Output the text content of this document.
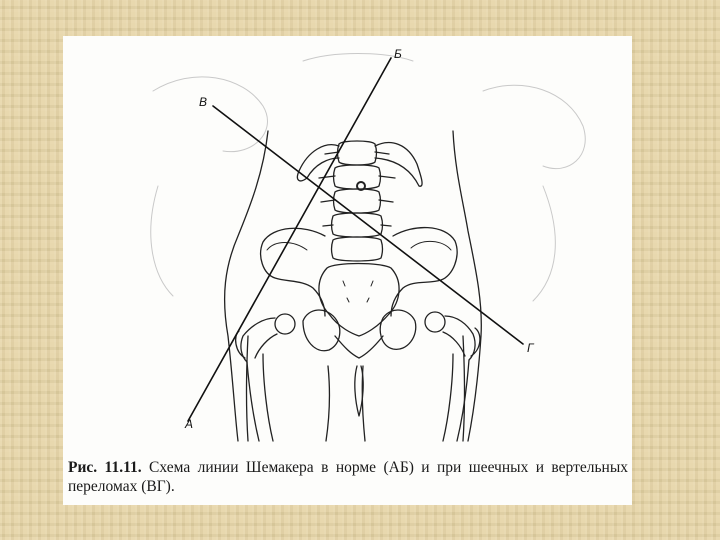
А
Б
В
Г
Рис. 11.11. Схема линии Шемакера в норме (АБ) и при шеечных и вертельных переломах (ВГ).
